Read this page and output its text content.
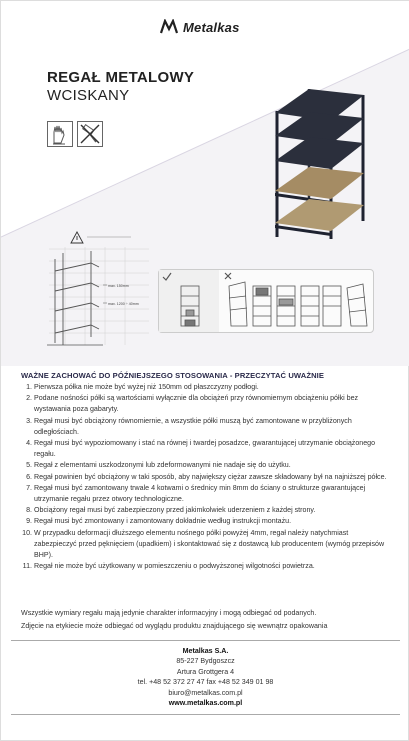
Metalkas
REGAŁ METALOWY
WCISKANY
max. 150mm
max. 1200 ÷ 40mm
WAŻNE ZACHOWAĆ DO PÓŹNIEJSZEGO STOSOWANIA - PRZECZYTAĆ UWAŻNIE
1. Pierwsza półka nie może być wyżej niż 150mm od płaszczyzny podłogi.
2. Podane nośności półki są wartościami wyłącznie dla obciążeń przy równomiernym obciążeniu półki bez wystawania poza gabaryty.
3. Regał musi być obciążony równomiernie, a wszystkie półki muszą być zamontowane w przybliżonych odległościach.
4. Regał musi być wypoziomowany i stać na równej i twardej posadzce, gwarantującej utrzymanie obciążonego regału.
5. Regał z elementami uszkodzonymi lub zdeformowanymi nie nadaje się do użytku.
6. Regał powinien być obciążony w taki sposób, aby największy ciężar zawsze składowany był na najniższej półce.
7. Regał musi być zamontowany trwale 4 kotwami o średnicy min 8mm do ściany o strukturze gwarantującej utrzymanie regału przez otwory technologiczne.
8. Obciążony regał musi być zabezpieczony przed jakimkolwiek uderzeniem z każdej strony.
9. Regał musi być zmontowany i zamontowany dokładnie według instrukcji montażu.
10. W przypadku deformacji dłuższego elementu nośnego półki powyżej 4mm, regał należy natychmiast zabezpieczyć przed pęknięciem (upadkiem) i skontaktować się z dostawcą lub producentem (wymóg przepisów BHP).
11. Regał nie może być użytkowany w pomieszczeniu o podwyższonej wilgotności powietrza.
Wszystkie wymiary regału mają jedynie charakter informacyjny i mogą odbiegać od podanych.
Zdjęcie na etykiecie może odbiegać od wyglądu produktu znajdującego się wewnątrz opakowania
Metalkas S.A.
85-227 Bydgoszcz
Artura Grottgera 4
tel. +48 52 372 27 47 fax +48 52 349 01 98
biuro@metalkas.com.pl
www.metalkas.com.pl
